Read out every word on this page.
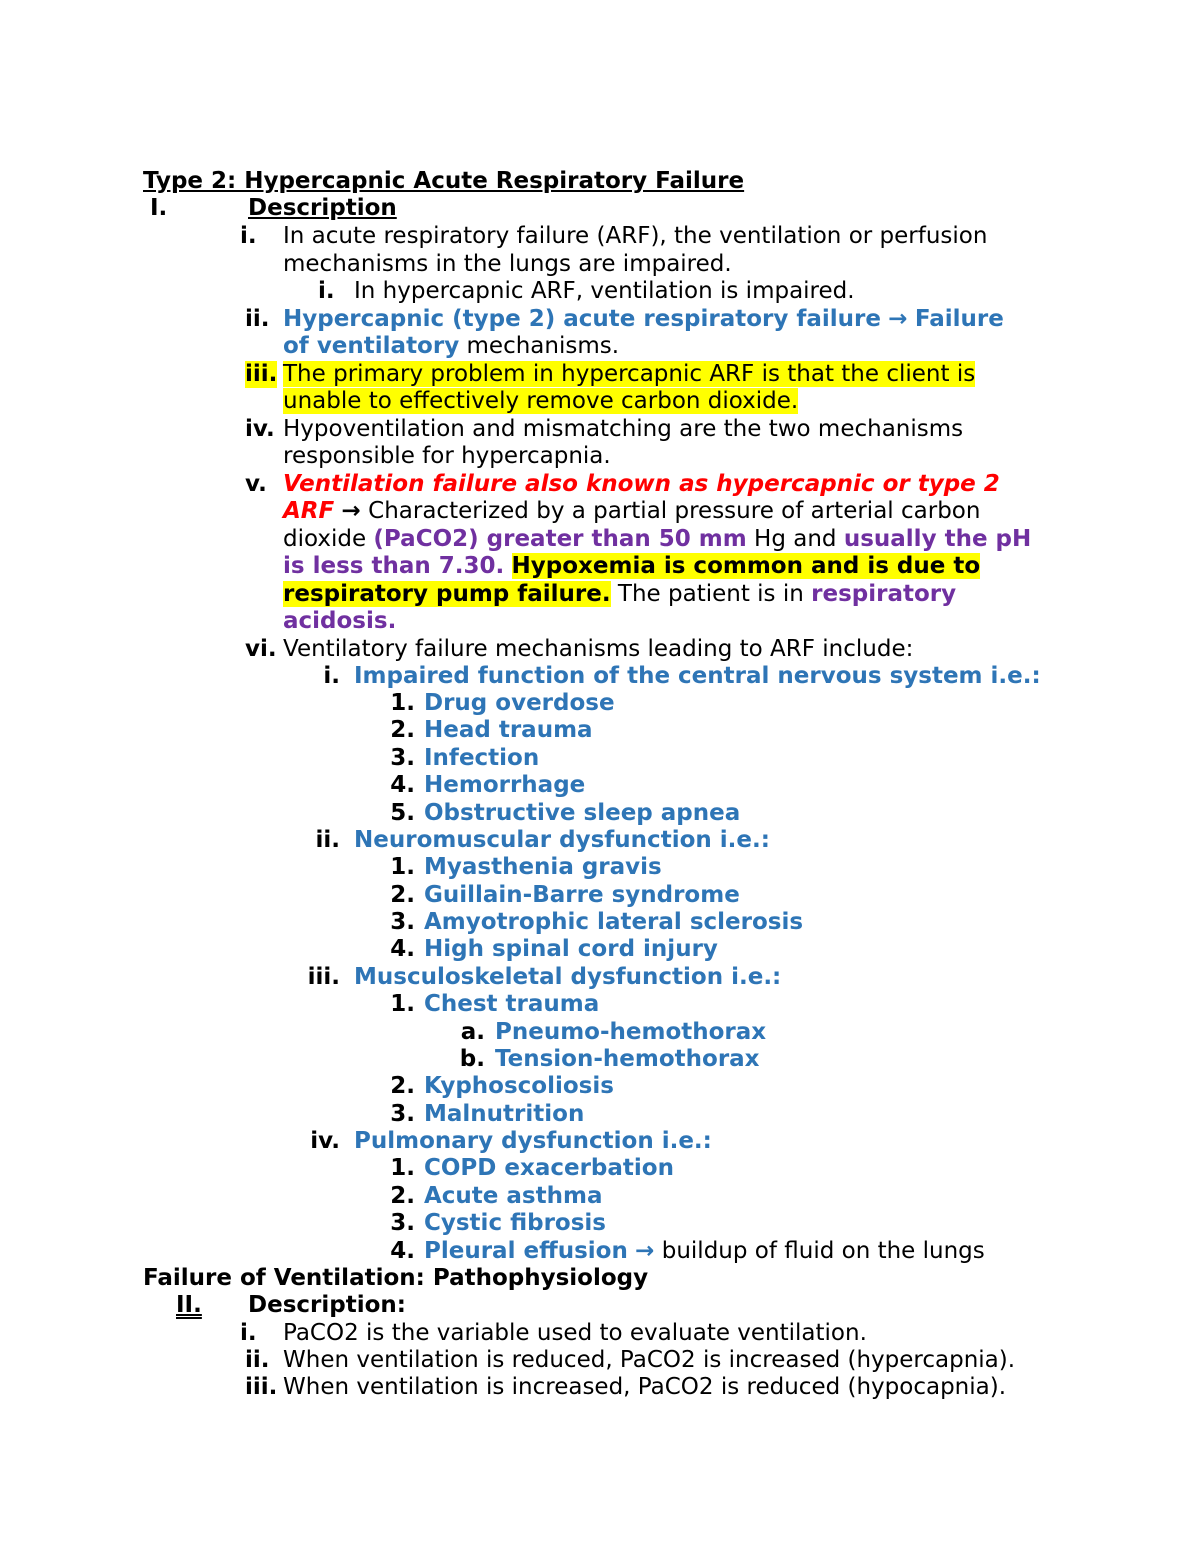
Type 2: Hypercapnic Acute Respiratory Failure
I.	Description
i.	In acute respiratory failure (ARF), the ventilation or perfusion
mechanisms in the lungs are impaired.
i. In hypercapnic ARF, ventilation is impaired.
ii. Hypercapnic (type 2) acute respiratory failure → Failure
of ventilatory mechanisms.
iii. The primary problem in hypercapnic ARF is that the client is
unable to effectively remove carbon dioxide.
iv. Hypoventilation and mismatching are the two mechanisms
responsible for hypercapnia.
v. Ventilation failure also known as hypercapnic or type 2
ARF → Characterized by a partial pressure of arterial carbon
dioxide (PaCO2) greater than 50 mm Hg and usually the pH
is less than 7.30. Hypoxemia is common and is due to
respiratory pump failure. The patient is in respiratory
acidosis.
vi. Ventilatory failure mechanisms leading to ARF include:
i. Impaired function of the central nervous system i.e.:
1. Drug overdose
2. Head trauma
3. Infection
4. Hemorrhage
5. Obstructive sleep apnea
ii. Neuromuscular dysfunction i.e.:
1. Myasthenia gravis
2. Guillain-Barre syndrome
3. Amyotrophic lateral sclerosis
4. High spinal cord injury
iii. Musculoskeletal dysfunction i.e.:
1. Chest trauma
a. Pneumo-hemothorax
b. Tension-hemothorax
2. Kyphoscoliosis
3. Malnutrition
iv. Pulmonary dysfunction i.e.:
1. COPD exacerbation
2. Acute asthma
3. Cystic fibrosis
4. Pleural effusion → buildup of fluid on the lungs
Failure of Ventilation: Pathophysiology
II.	Description:
i.	PaCO2 is the variable used to evaluate ventilation.
ii. When ventilation is reduced, PaCO2 is increased (hypercapnia).
iii. When ventilation is increased, PaCO2 is reduced (hypocapnia).
